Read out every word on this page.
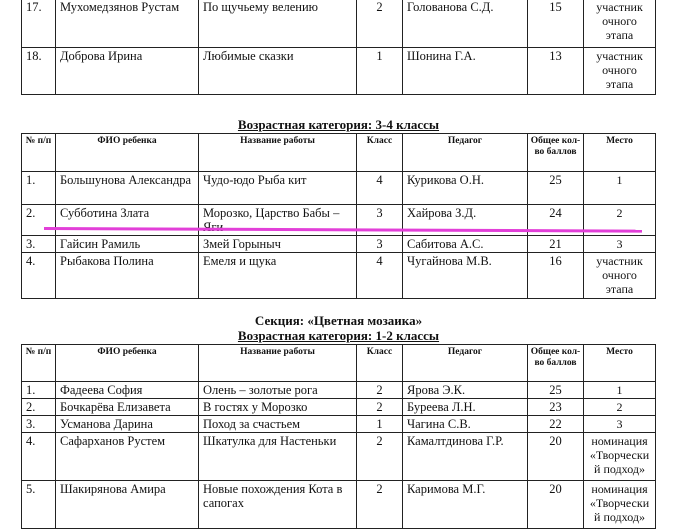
17.	Мухомедзянов Рустам	По щучьему велению	2	Голованова С.Д.	15	участник очного этапа
18.	Доброва Ирина	Любимые сказки	1	Шонина Г.А.	13	участник очного этапа
Возрастная категория: 3-4 классы
№ п/п	ФИО ребенка	Название работы	Класс	Педагог	Общее кол-во баллов	Место
1.	Большунова Александра	Чудо-юдо Рыба кит	4	Курикова О.Н.	25	1
2.	Субботина Злата	Морозко, Царство Бабы –	3	Хайрова З.Д.	24	2
3.	Гайсин Рамиль	Змей Горыныч	3	Сабитова А.С.	21	3
4.	Рыбакова Полина	Емеля и щука	4	Чугайнова М.В.	16	участник очного этапа
Секция: «Цветная мозаика»
Возрастная категория: 1-2 классы
№ п/п	ФИО ребенка	Название работы	Класс	Педагог	Общее кол-во баллов	Место
1.	Фадеева София	Олень – золотые рога	2	Ярова Э.К.	25	1
2.	Бочкарёва Елизавета	В гостях у Морозко	2	Буреева Л.Н.	23	2
3.	Усманова Дарина	Поход за счастьем	1	Чагина С.В.	22	3
4.	Сафарханов Рустем	Шкатулка для Настеньки	2	Камалтдинова Г.Р.	20	номинация «Творчески й подход»
5.	Шакирянова Амира	Новые похождения Кота в сапогах	2	Каримова М.Г.	20	номинация «Творчески й подход»
